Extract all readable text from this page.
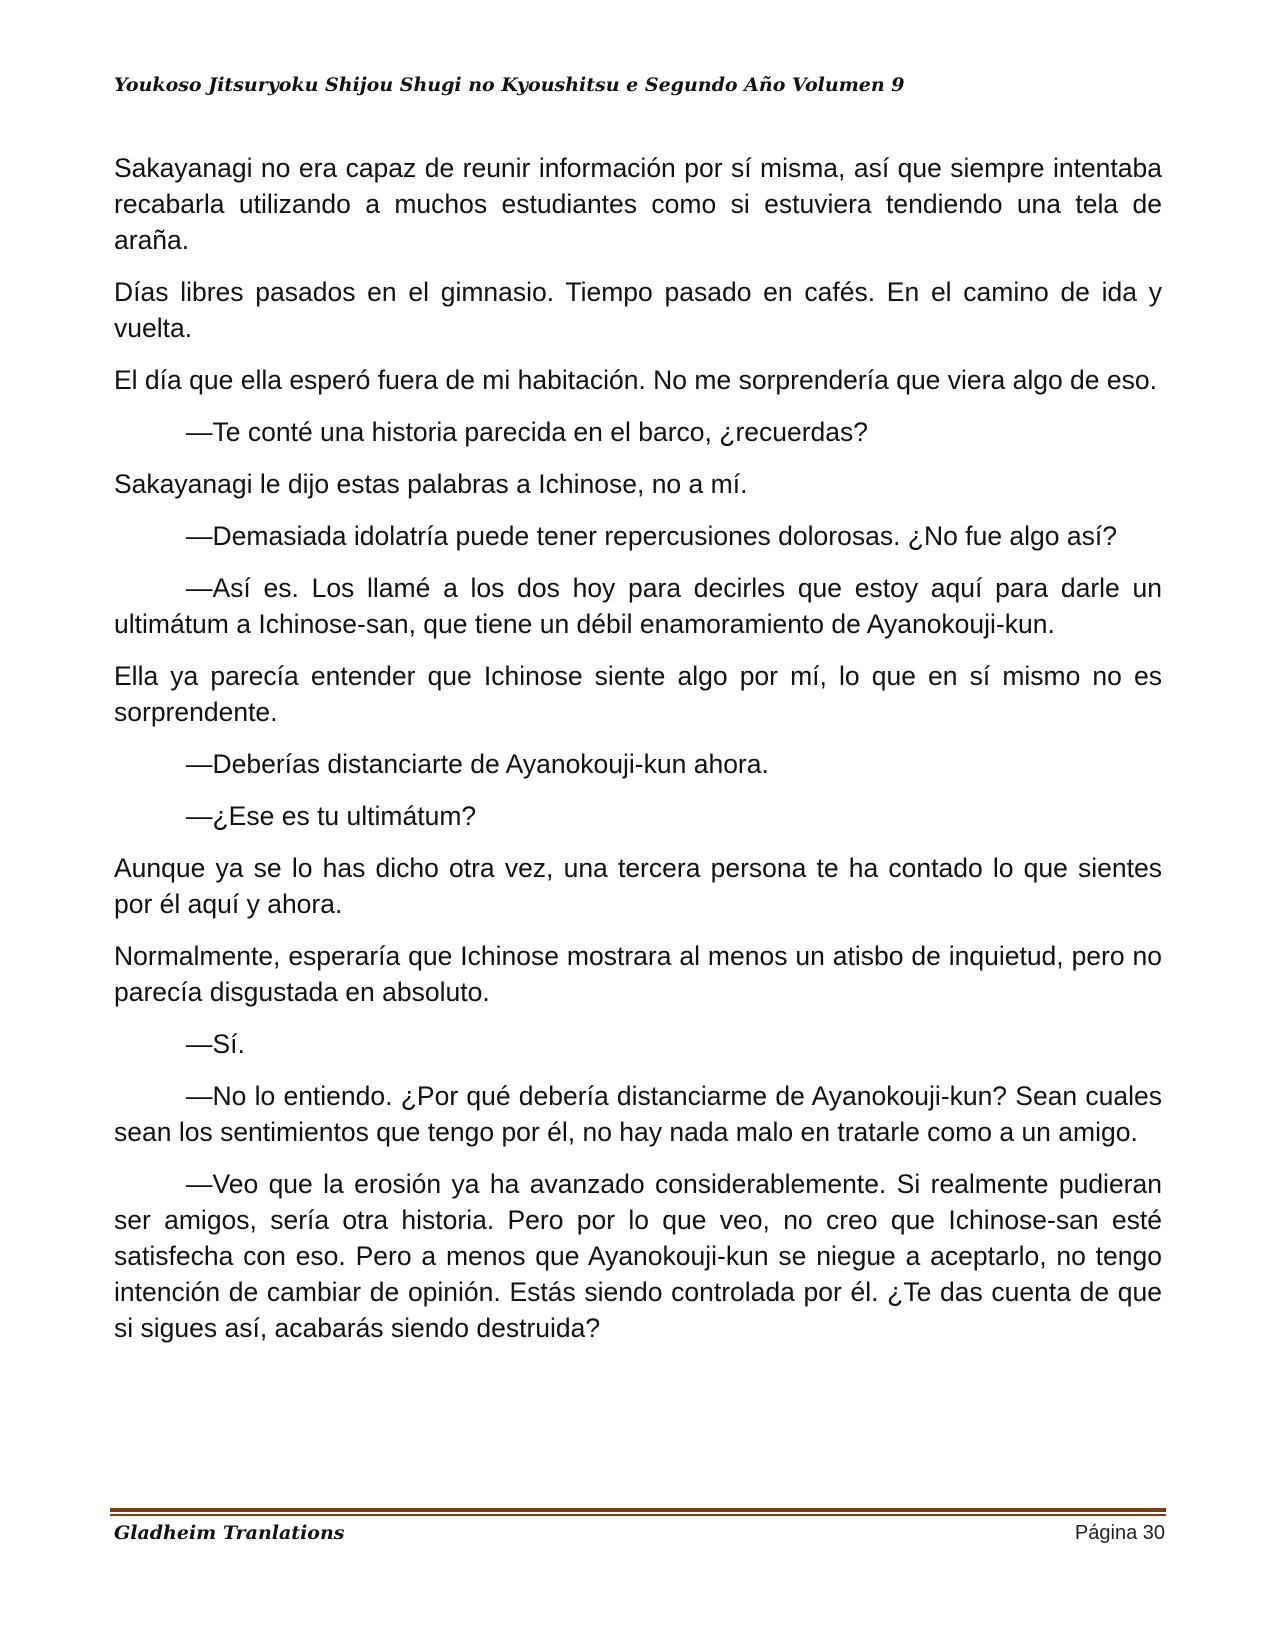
Youkoso Jitsuryoku Shijou Shugi no Kyoushitsu e Segundo Año Volumen 9

Sakayanagi no era capaz de reunir información por sí misma, así que siempre intentaba recabarla utilizando a muchos estudiantes como si estuviera tendiendo una tela de araña.

Días libres pasados en el gimnasio. Tiempo pasado en cafés. En el camino de ida y vuelta.

El día que ella esperó fuera de mi habitación. No me sorprendería que viera algo de eso.

—Te conté una historia parecida en el barco, ¿recuerdas?

Sakayanagi le dijo estas palabras a Ichinose, no a mí.

—Demasiada idolatría puede tener repercusiones dolorosas. ¿No fue algo así?

—Así es. Los llamé a los dos hoy para decirles que estoy aquí para darle un ultimátum a Ichinose-san, que tiene un débil enamoramiento de Ayanokouji-kun.

Ella ya parecía entender que Ichinose siente algo por mí, lo que en sí mismo no es sorprendente.

—Deberías distanciarte de Ayanokouji-kun ahora.

—¿Ese es tu ultimátum?

Aunque ya se lo has dicho otra vez, una tercera persona te ha contado lo que sientes por él aquí y ahora.

Normalmente, esperaría que Ichinose mostrara al menos un atisbo de inquietud, pero no parecía disgustada en absoluto.

—Sí.

—No lo entiendo. ¿Por qué debería distanciarme de Ayanokouji-kun? Sean cuales sean los sentimientos que tengo por él, no hay nada malo en tratarle como a un amigo.

—Veo que la erosión ya ha avanzado considerablemente. Si realmente pudieran ser amigos, sería otra historia. Pero por lo que veo, no creo que Ichinose-san esté satisfecha con eso. Pero a menos que Ayanokouji-kun se niegue a aceptarlo, no tengo intención de cambiar de opinión. Estás siendo controlada por él. ¿Te das cuenta de que si sigues así, acabarás siendo destruida?

Gladheim Tranlations	Página 30
